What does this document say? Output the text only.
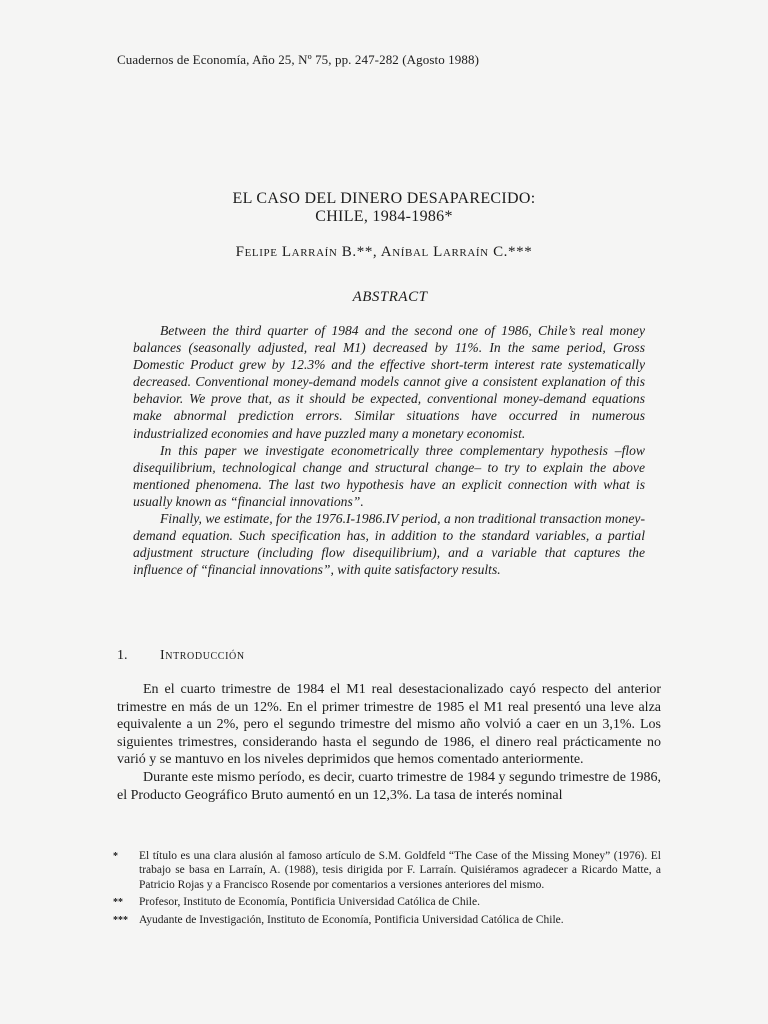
Cuadernos de Economía, Año 25, Nº 75, pp. 247-282 (Agosto 1988)
EL CASO DEL DINERO DESAPARECIDO:
CHILE, 1984-1986*
Felipe Larraín B.**, Aníbal Larraín C.***
ABSTRACT

Between the third quarter of 1984 and the second one of 1986, Chile’s real money balances (seasonally adjusted, real M1) decreased by 11%. In the same period, Gross Domestic Product grew by 12.3% and the effective short-term interest rate systematically decreased. Conventional money-demand models cannot give a consistent explanation of this behavior. We prove that, as it should be expected, conventional money-demand equations make abnormal prediction errors. Similar situations have occurred in numerous industrialized economies and have puzzled many a monetary economist.

In this paper we investigate econometrically three complementary hypothesis –flow disequilibrium, technological change and structural change– to try to explain the above mentioned phenomena. The last two hypothesis have an explicit connection with what is usually known as “financial innovations”.

Finally, we estimate, for the 1976.I-1986.IV period, a non traditional transaction money-demand equation. Such specification has, in addition to the standard variables, a partial adjustment structure (including flow disequilibrium), and a variable that captures the influence of “financial innovations”, with quite satisfactory results.

1. Introducción

En el cuarto trimestre de 1984 el M1 real desestacionalizado cayó respecto del anterior trimestre en más de un 12%. En el primer trimestre de 1985 el M1 real presentó una leve alza equivalente a un 2%, pero el segundo trimestre del mismo año volvió a caer en un 3,1%. Los siguientes trimestres, considerando hasta el segundo de 1986, el dinero real prácticamente no varió y se mantuvo en los niveles deprimidos que hemos comentado anteriormente.

Durante este mismo período, es decir, cuarto trimestre de 1984 y segundo trimestre de 1986, el Producto Geográfico Bruto aumentó en un 12,3%. La tasa de interés nominal

*	El título es una clara alusión al famoso artículo de S.M. Goldfeld “The Case of the Missing Money” (1976). El trabajo se basa en Larraín, A. (1988), tesis dirigida por F. Larraín. Quisiéramos agradecer a Ricardo Matte, a Patricio Rojas y a Francisco Rosende por comentarios a versiones anteriores del mismo.
**	Profesor, Instituto de Economía, Pontificia Universidad Católica de Chile.
*** Ayudante de Investigación, Instituto de Economía, Pontificia Universidad Católica de Chile.
